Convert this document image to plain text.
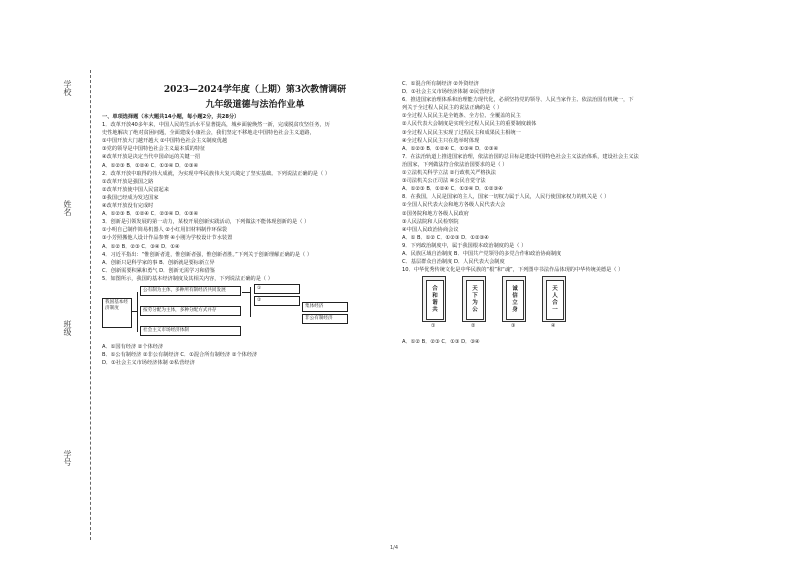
学校
姓名
班级
学号
2023—2024学年度（上期）第3次教情调研
九年级道德与法治作业单
一、单项选择题（本大题共14小题，每小题2分，共28分）
1．改革开放40多年来，中国人民的生活水平显著提高，城乡面貌焕然一新，完成脱贫攻坚任务，历
史性地解决了绝对贫困问题，全面建成小康社会，我们坚定不移地走中国特色社会主义道路，
①中国开放大门越开越大 ②中国特色社会主义制度优越
③党的领导是中国特色社会主义最本质的特征
④改革开放是决定当代中国命运的关键一招
A．①②③ B．①②④ C．①③④ D．②③④
2．改革开放中取得的伟大成就，为实现中华民族伟大复兴奠定了坚实基础。下列说法正确的是（ ）
①改革开放是强国之路
②改革开放使中国人民富起来
③我国已经成为发达国家
④改革开放没有完成时
A．①②③ B．①②④ C．②③④ D．①③④
3．创新是引领发展的第一动力，某校开展创新实践活动，下列做法不能体现创新的是（ ）
①小明自己制作简易机器人 ②小红用旧材料制作环保袋
③小芳照搬他人设计作品参赛 ④小刚为学校设计节水装置
A．①② B．②③ C．③④ D．①④
4．习近平指出：“惟创新者进，惟创新者强，惟创新者胜。”下列关于创新理解正确的是（ ）
A．创新只是科学家的事 B．创新就是要标新立异
C．创新需要积累和勇气 D．创新无需学习和借鉴
5．如图所示，我国的基本经济制度及其相关内容，下列说法正确的是（ ）
我国基本经济制度
公有制为主体，多种所有制经济共同发展
按劳分配为主体，多种分配方式并存
社会主义市场经济体制
①
②
集体经济
非公有制经济
A．①国有经济 ②个体经济
B．①公有制经济 ②非公有制经济 C．①混合所有制经济 ②个体经济
D．①社会主义市场经济体制 ②私营经济
C．①混合所有制经济 ②外资经济
D．①社会主义市场经济体制 ②民营经济
6．推进国家治理体系和治理能力现代化，必须坚持党的领导、人民当家作主、依法治国有机统一，下
列关于全过程人民民主的说法正确的是（ ）
①全过程人民民主是全链条、全方位、全覆盖的民主
②人民代表大会制度是实现全过程人民民主的重要制度载体
③全过程人民民主实现了过程民主和成果民主相统一
④全过程人民民主只在选举时体现
A．①②③ B．①②④ C．①③④ D．②③④
7．在法治轨道上推进国家治理，依法治国的总目标是建设中国特色社会主义法治体系，建设社会主义法
治国家，下列做法符合依法治国要求的是（ ）
①立法机关科学立法 ②行政机关严格执法
③司法机关公正司法 ④公民自觉守法
A．①②③ B．①②④ C．①③④ D．①②③④
8．在我国，人民是国家的主人，国家一切权力属于人民，人民行使国家权力的机关是（ ）
①全国人民代表大会和地方各级人民代表大会
②国务院和地方各级人民政府
③人民法院和人民检察院
④中国人民政治协商会议
A．① B．①② C．①②③ D．①②③④
9．下列政治制度中，属于我国根本政治制度的是（ ）
A．民族区域自治制度 B．中国共产党领导的多党合作和政治协商制度
C．基层群众自治制度 D．人民代表大会制度
10．中华优秀传统文化是中华民族的“根”和“魂”，下列图中书法作品体现的中华传统美德是（ ）
合
和
谐
共
①
天
下
为
公
②
诚
信
立
身
③
天
人
合
一
④
A．①② B．②③ C．①③ D．③④
1/4
